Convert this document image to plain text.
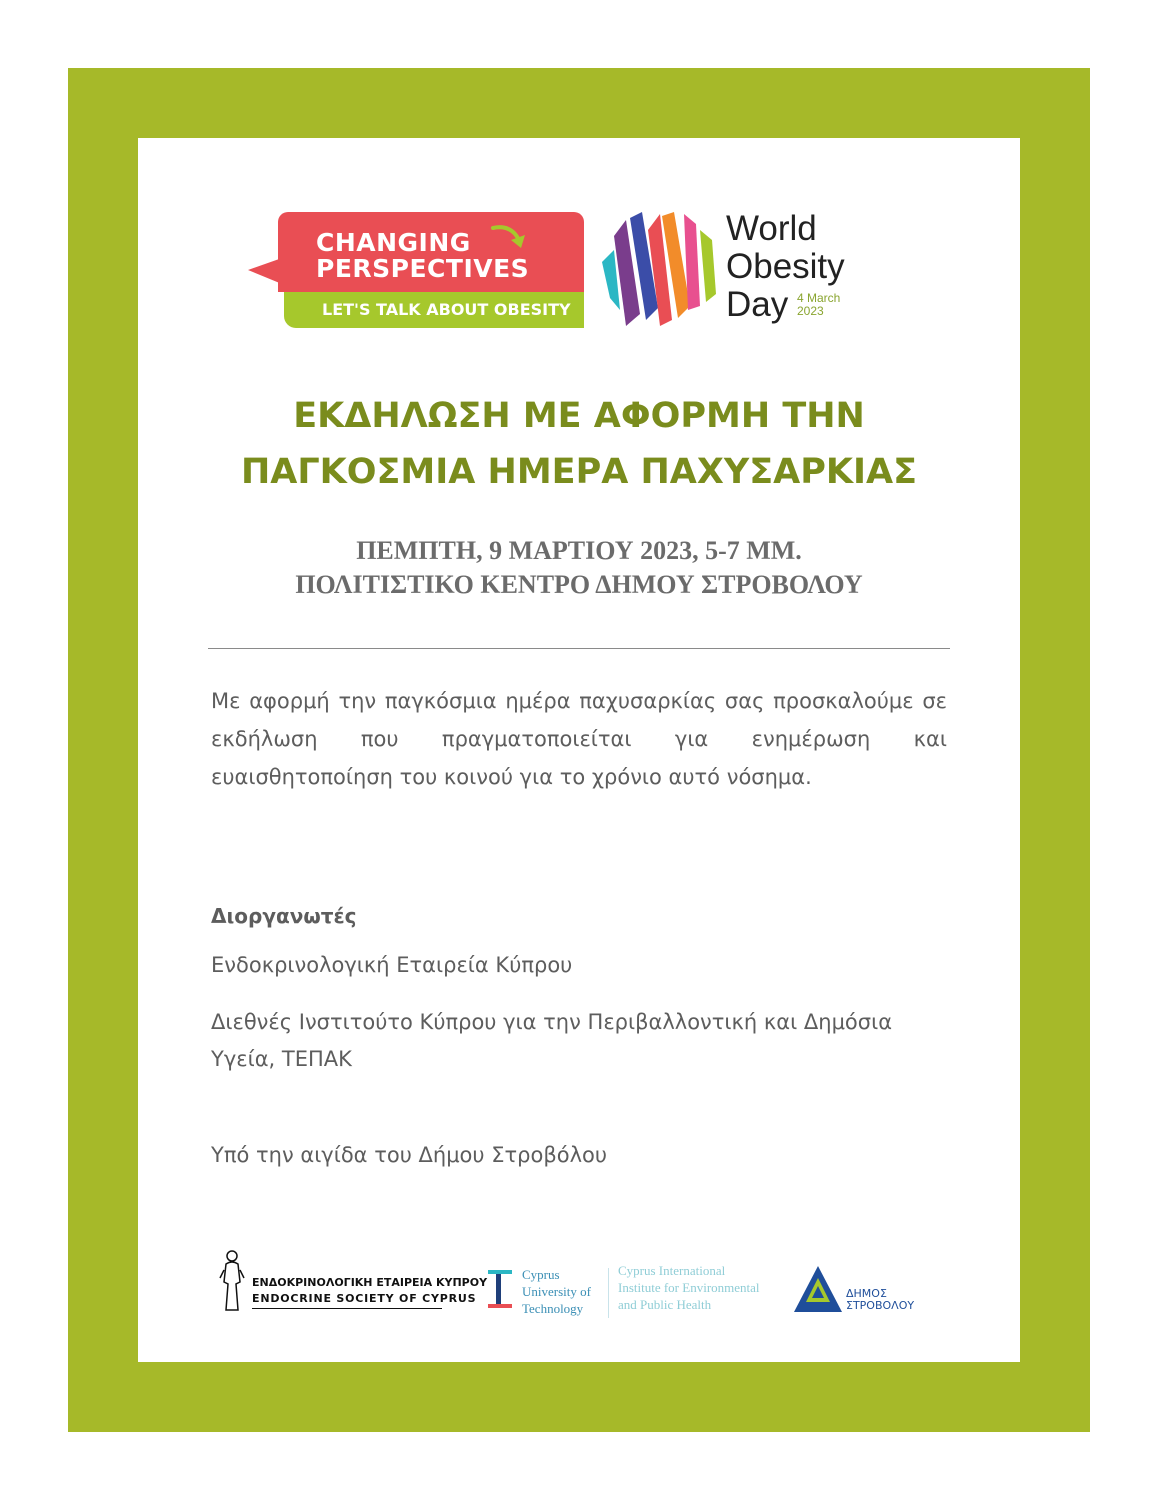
CHANGING
PERSPECTIVES
LET'S TALK ABOUT OBESITY
World
Obesity
Day 4 March
2023
ΕΚΔΗΛΩΣΗ ΜΕ ΑΦΟΡΜΗ ΤΗΝ
ΠΑΓΚΟΣΜΙΑ ΗΜΕΡΑ ΠΑΧΥΣΑΡΚΙΑΣ
ΠΕΜΠΤΗ, 9 ΜΑΡΤΙΟΥ 2023, 5-7 ΜΜ.
ΠΟΛΙΤΙΣΤΙΚΟ ΚΕΝΤΡΟ ΔΗΜΟΥ ΣΤΡΟΒΟΛΟΥ

Με αφορμή την παγκόσμια ημέρα παχυσαρκίας σας προσκαλούμε σε εκδήλωση που πραγματοποιείται για ενημέρωση και ευαισθητοποίηση του κοινού για το χρόνιο αυτό νόσημα.

Διοργανωτές

Ενδοκρινολογική Εταιρεία Κύπρου

Διεθνές Ινστιτούτο Κύπρου για την Περιβαλλοντική και Δημόσια Υγεία, ΤΕΠΑΚ

Υπό την αιγίδα του Δήμου Στροβόλου

ΕΝΔΟΚΡΙΝΟΛΟΓΙΚΗ ΕΤΑΙΡΕΙΑ ΚΥΠΡΟΥ
ENDOCRINE SOCIETY OF CYPRUS
Cyprus
University of
Technology
Cyprus International
Institute for Environmental
and Public Health
ΔΗΜΟΣ
ΣΤΡΟΒΟΛΟΥ
